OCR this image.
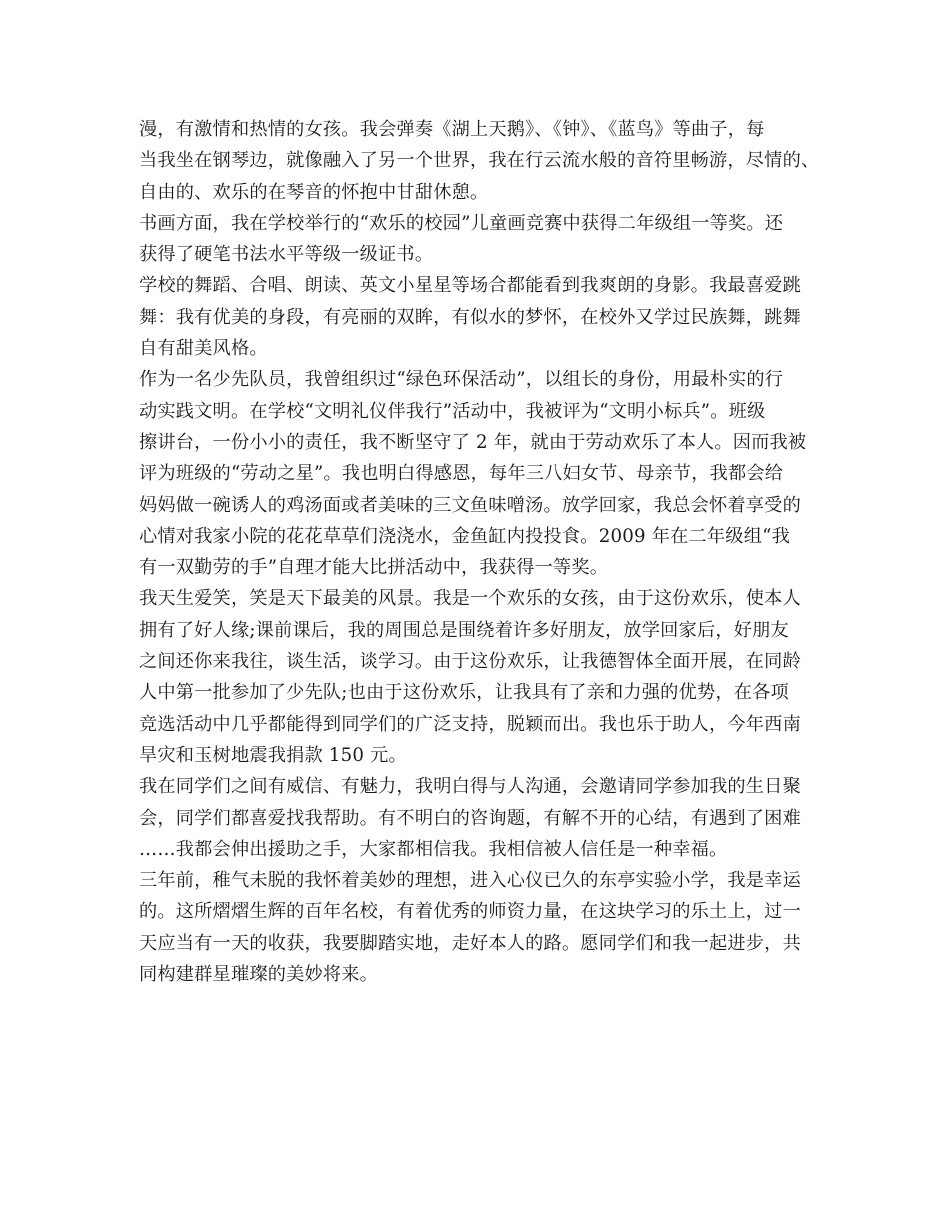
漫，有激情和热情的女孩。我会弹奏《湖上天鹅》、《钟》、《蓝鸟》等曲子，每
当我坐在钢琴边，就像融入了另一个世界，我在行云流水般的音符里畅游，尽情的、
自由的、欢乐的在琴音的怀抱中甘甜休憩。
书画方面，我在学校举行的“欢乐的校园”儿童画竞赛中获得二年级组一等奖。还
获得了硬笔书法水平等级一级证书。
学校的舞蹈、合唱、朗读、英文小星星等场合都能看到我爽朗的身影。我最喜爱跳
舞：我有优美的身段，有亮丽的双眸，有似水的梦怀，在校外又学过民族舞，跳舞
自有甜美风格。
作为一名少先队员，我曾组织过“绿色环保活动”，以组长的身份，用最朴实的行
动实践文明。在学校“文明礼仪伴我行”活动中，我被评为“文明小标兵”。班级
擦讲台，一份小小的责任，我不断坚守了 2 年，就由于劳动欢乐了本人。因而我被
评为班级的“劳动之星”。我也明白得感恩，每年三八妇女节、母亲节，我都会给
妈妈做一碗诱人的鸡汤面或者美味的三文鱼味噌汤。放学回家，我总会怀着享受的
心情对我家小院的花花草草们浇浇水，金鱼缸内投投食。2009 年在二年级组“我
有一双勤劳的手”自理才能大比拼活动中，我获得一等奖。
我天生爱笑，笑是天下最美的风景。我是一个欢乐的女孩，由于这份欢乐，使本人
拥有了好人缘;课前课后，我的周围总是围绕着许多好朋友，放学回家后，好朋友
之间还你来我往，谈生活，谈学习。由于这份欢乐，让我德智体全面开展，在同龄
人中第一批参加了少先队;也由于这份欢乐，让我具有了亲和力强的优势，在各项
竞选活动中几乎都能得到同学们的广泛支持，脱颖而出。我也乐于助人，今年西南
旱灾和玉树地震我捐款 150 元。
我在同学们之间有威信、有魅力，我明白得与人沟通，会邀请同学参加我的生日聚
会，同学们都喜爱找我帮助。有不明白的咨询题，有解不开的心结，有遇到了困难
……我都会伸出援助之手，大家都相信我。我相信被人信任是一种幸福。
三年前，稚气未脱的我怀着美妙的理想，进入心仪已久的东亭实验小学，我是幸运
的。这所熠熠生辉的百年名校，有着优秀的师资力量，在这块学习的乐土上，过一
天应当有一天的收获，我要脚踏实地，走好本人的路。愿同学们和我一起进步，共
同构建群星璀璨的美妙将来。
